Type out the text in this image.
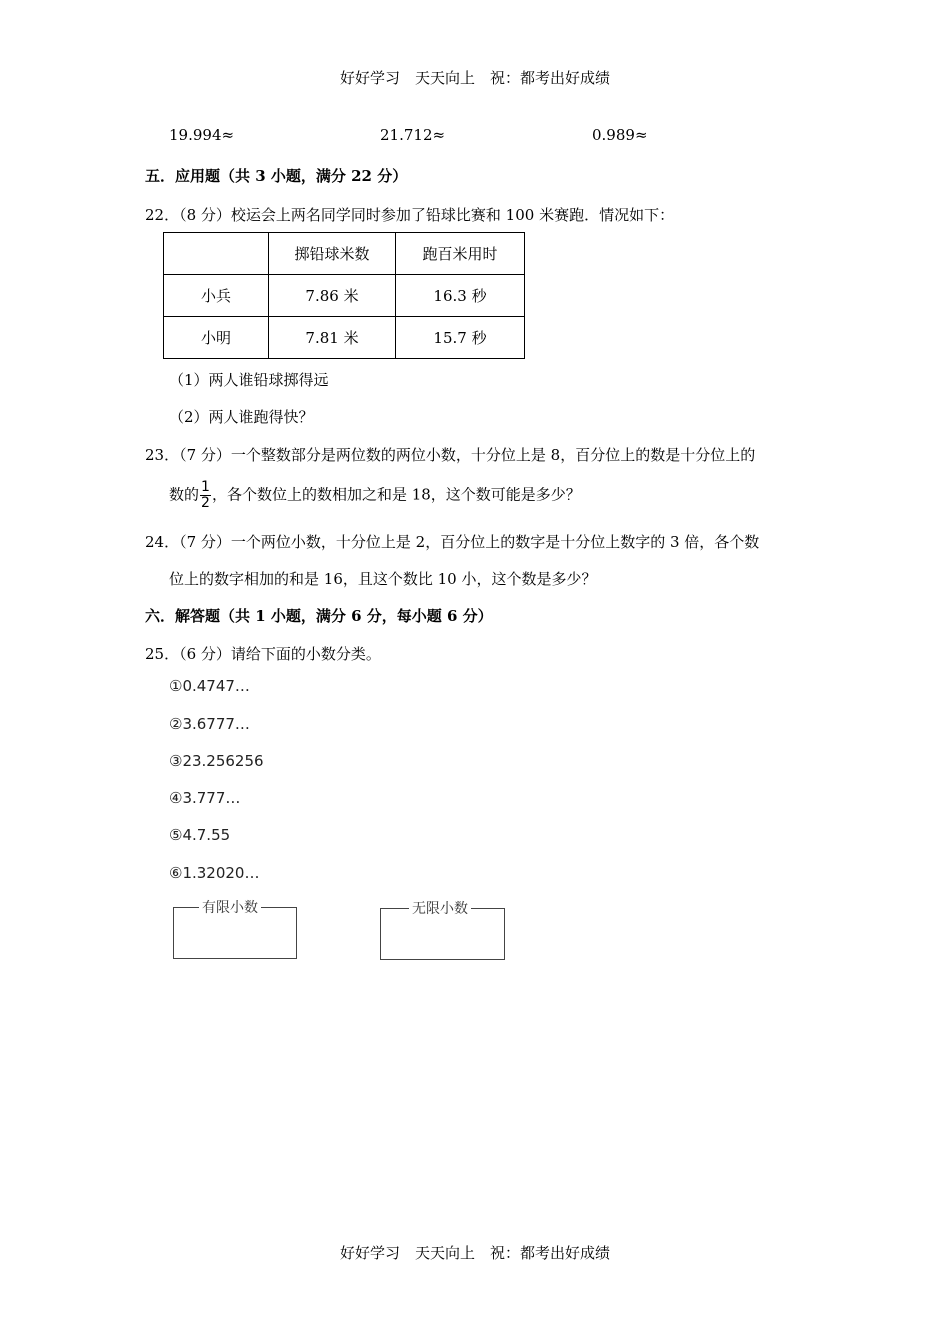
好好学习　天天向上　祝：都考出好成绩
19.994≈	21.712≈	0.989≈
五．应用题（共 3 小题，满分 22 分）
22．（8 分）校运会上两名同学同时参加了铅球比赛和 100 米赛跑．情况如下：
	掷铅球米数	跑百米用时
小兵	7.86 米	16.3 秒
小明	7.81 米	15.7 秒
（1）两人谁铅球掷得远
（2）两人谁跑得快？
23．（7 分）一个整数部分是两位数的两位小数，十分位上是 8，百分位上的数是十分位上的
数的 $\frac{1}{2}$ ，各个数位上的数相加之和是 18，这个数可能是多少？
24．（7 分）一个两位小数，十分位上是 2，百分位上的数字是十分位上数字的 3 倍，各个数
位上的数字相加的和是 16，且这个数比 10 小，这个数是多少？
六．解答题（共 1 小题，满分 6 分，每小题 6 分）
25．（6 分）请给下面的小数分类。
①0.4747…
②3.6777…
③23.256256
④3.777…
⑤4.7.55
⑥1.32020…
有限小数	无限小数
好好学习　天天向上　祝：都考出好成绩
